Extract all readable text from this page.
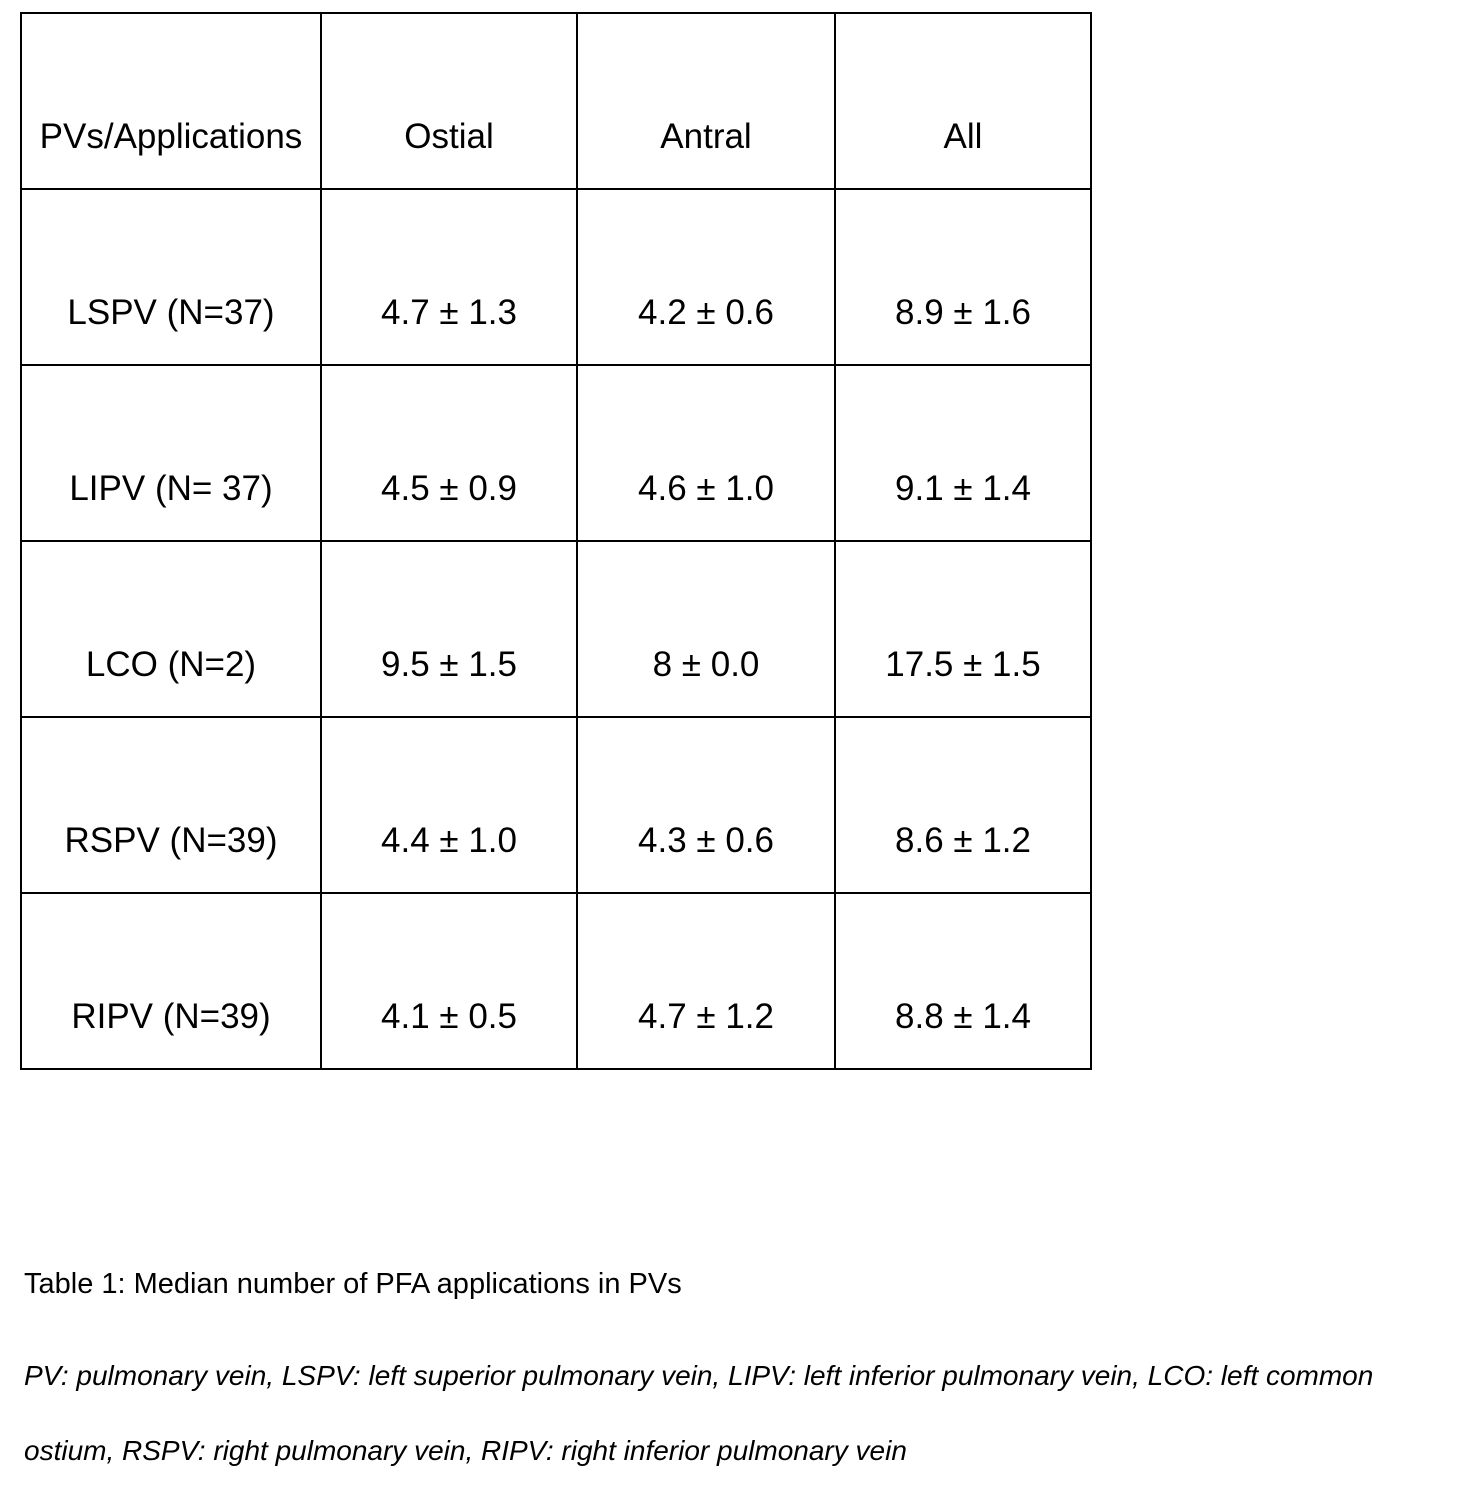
PVs/Applications	Ostial	Antral	All

LSPV (N=37)	4.7 ± 1.3	4.2 ± 0.6	8.9 ± 1.6

LIPV (N= 37)	4.5 ± 0.9	4.6 ± 1.0	9.1 ± 1.4

LCO (N=2)	9.5 ± 1.5	8 ± 0.0	17.5 ± 1.5

RSPV (N=39)	4.4 ± 1.0	4.3 ± 0.6	8.6 ± 1.2

RIPV (N=39)	4.1 ± 0.5	4.7 ± 1.2	8.8 ± 1.4

Table 1: Median number of PFA applications in PVs

PV: pulmonary vein, LSPV: left superior pulmonary vein, LIPV: left inferior pulmonary vein, LCO: left common ostium, RSPV: right pulmonary vein, RIPV: right inferior pulmonary vein
